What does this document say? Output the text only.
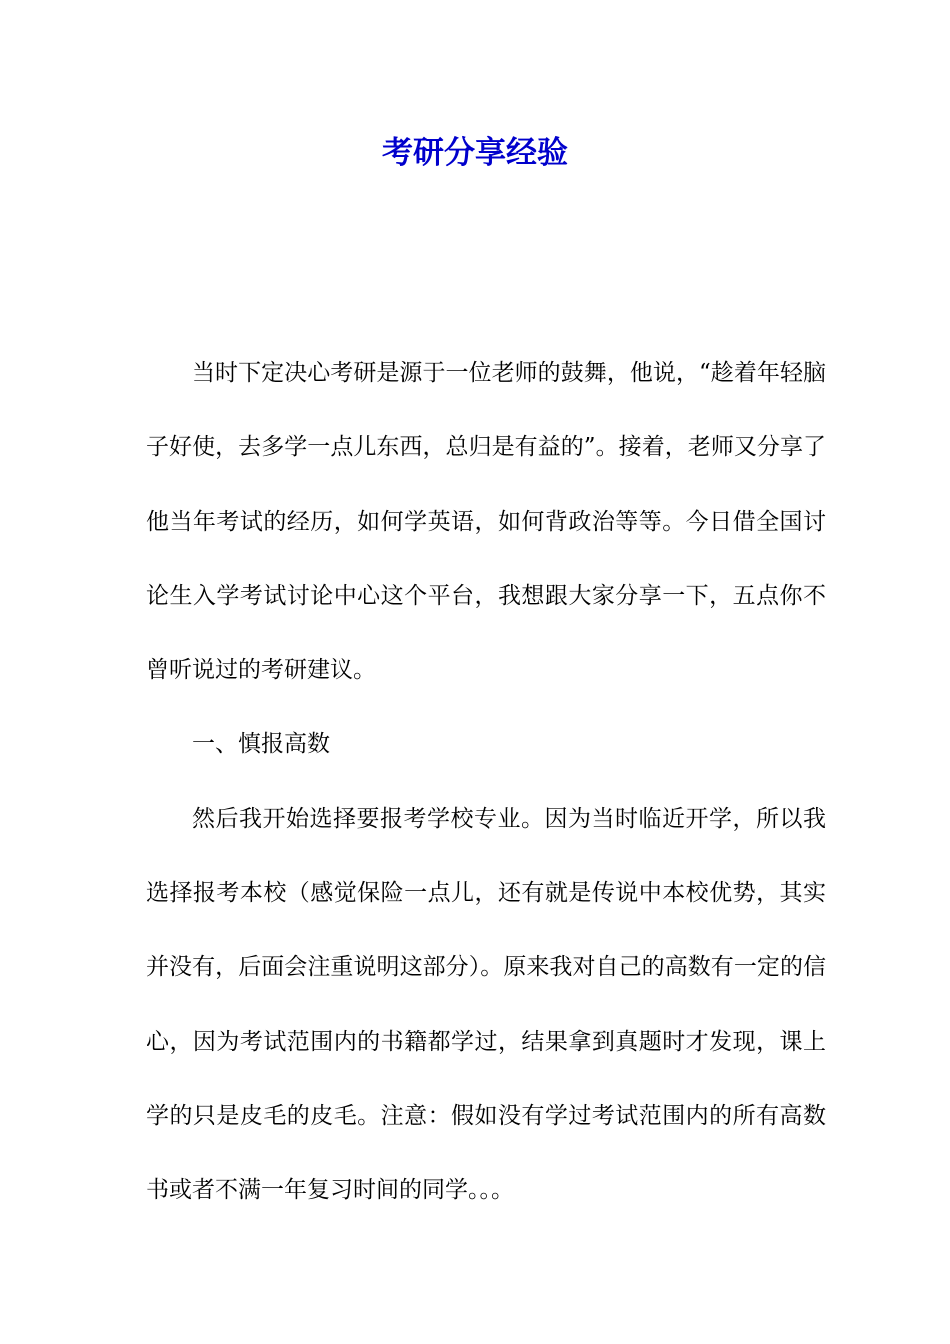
考研分享经验

当时下定决心考研是源于一位老师的鼓舞，他说，“趁着年轻脑子好使，去多学一点儿东西，总归是有益的”。接着，老师又分享了他当年考试的经历，如何学英语，如何背政治等等。今日借全国讨论生入学考试讨论中心这个平台，我想跟大家分享一下，五点你不曾听说过的考研建议。

一、慎报高数

然后我开始选择要报考学校专业。因为当时临近开学，所以我选择报考本校（感觉保险一点儿，还有就是传说中本校优势，其实并没有，后面会注重说明这部分）。原来我对自己的高数有一定的信心，因为考试范围内的书籍都学过，结果拿到真题时才发现，课上学的只是皮毛的皮毛。注意：假如没有学过考试范围内的所有高数书或者不满一年复习时间的同学。。。
